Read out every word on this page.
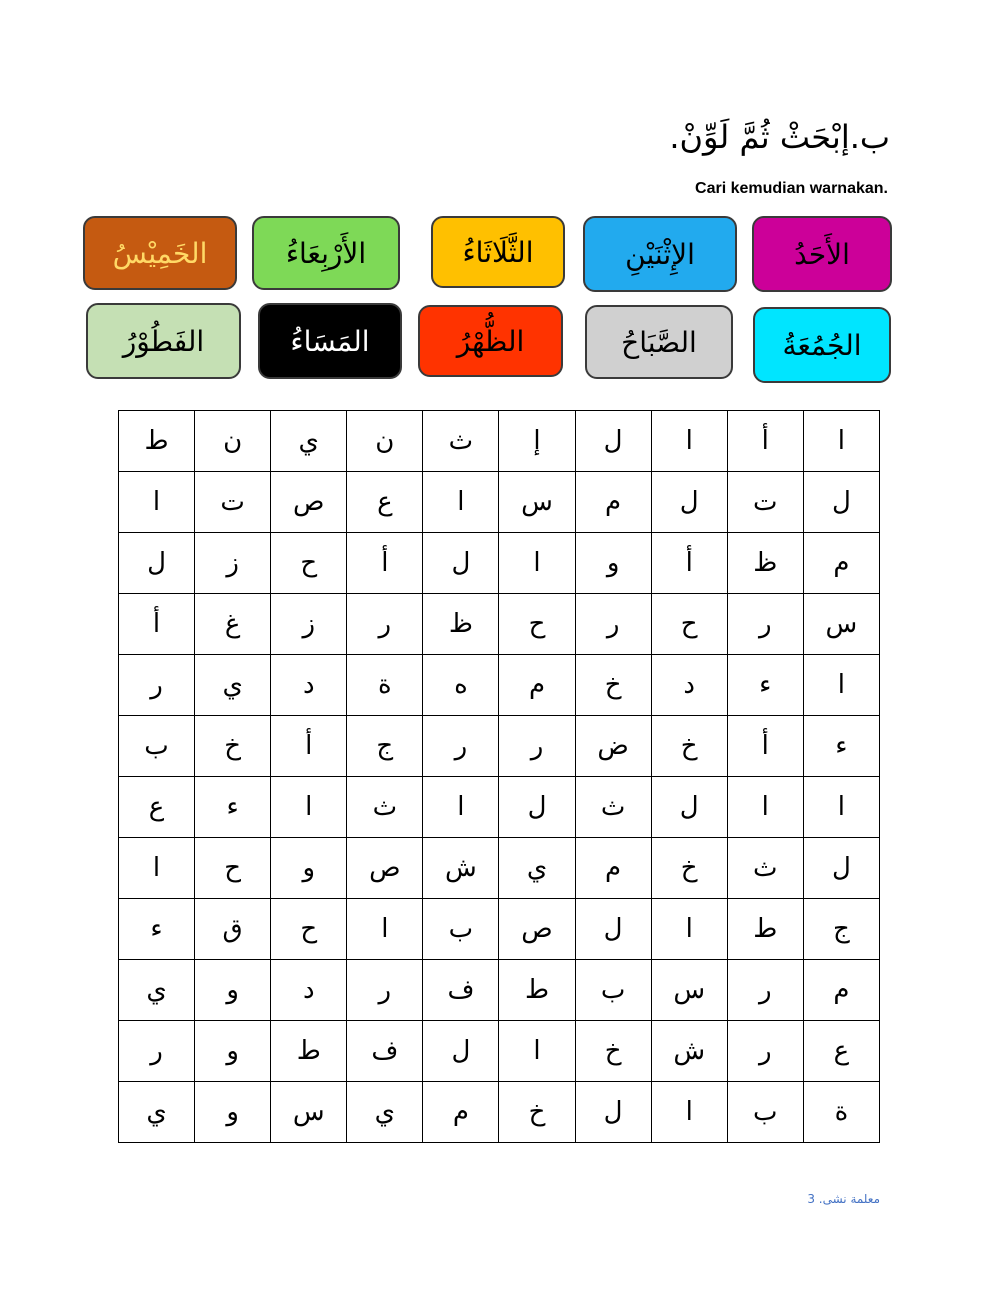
ب.إبْحَثْ ثُمَّ لَوِّنْ.
Cari kemudian warnakan.
الأَحَدُ
الإِثْنَيْنِ
الثَّلَاثَاءُ
الأَرْبِعَاءُ
الخَمِيْسُ
الجُمُعَةُ
الصَّبَاحُ
الظُّهْرُ
المَسَاءُ
الفَطُوْرُ
ط	ن	ي	ن	ث	إ	ل	ا	أ	ا
ا	ت	ص	ع	ا	س	م	ل	ت	ل
ل	ز	ح	أ	ل	ا	و	أ	ظ	م
أ	غ	ز	ر	ظ	ح	ر	ح	ر	س
ر	ي	د	ة	ه	م	خ	د	ء	ا
ب	خ	أ	ج	ر	ر	ض	خ	أ	ء
ع	ء	ا	ث	ا	ل	ث	ل	ا	ا
ا	ح	و	ص	ش	ي	م	خ	ث	ل
ء	ق	ح	ا	ب	ص	ل	ا	ط	ج
ي	و	د	ر	ف	ط	ب	س	ر	م
ر	و	ط	ف	ل	ا	خ	ش	ر	ع
ي	و	س	ي	م	خ	ل	ا	ب	ة
3 .معلمة نشى
